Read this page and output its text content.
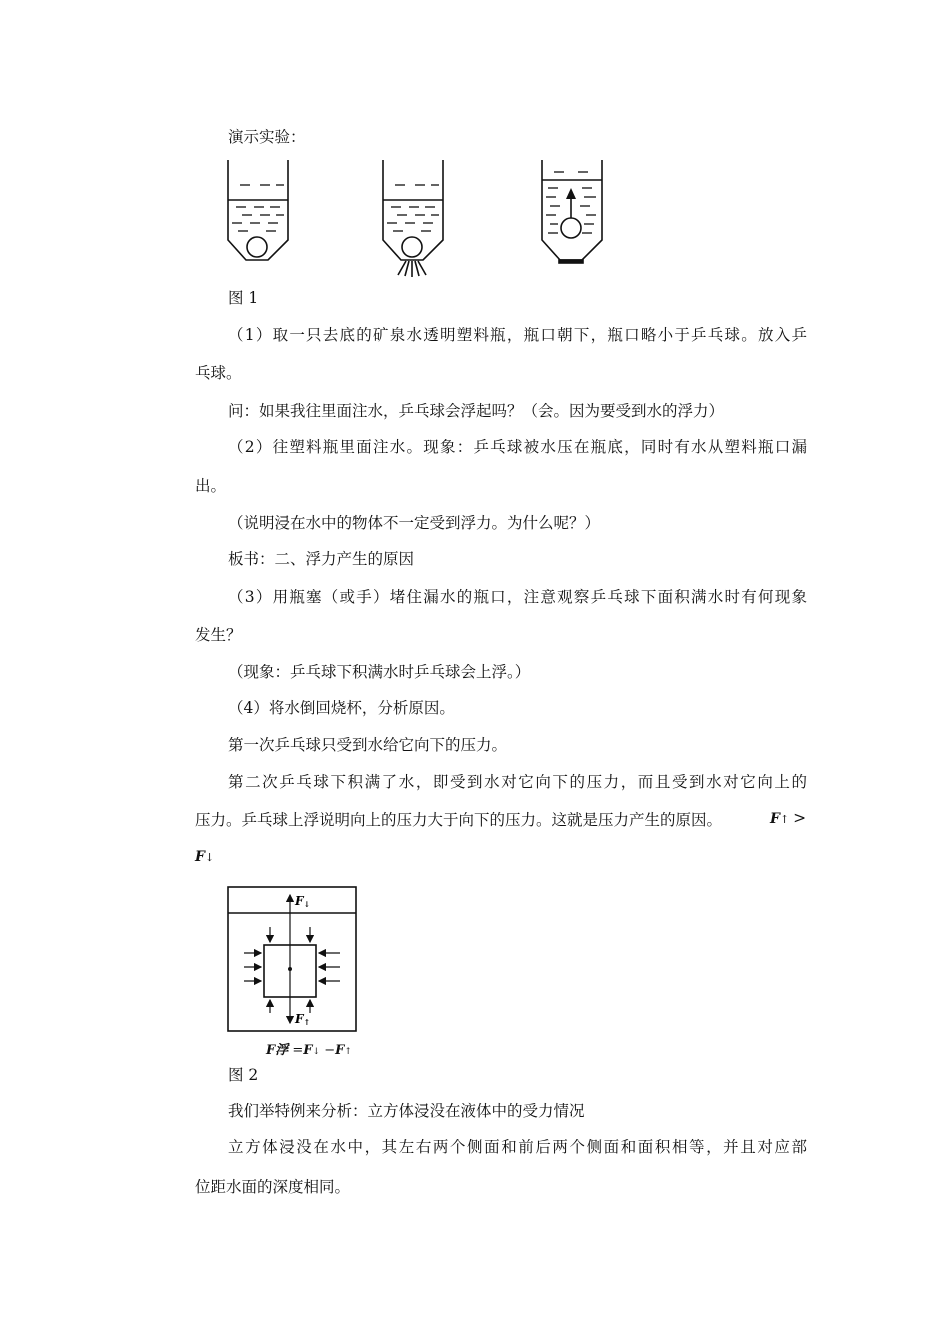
演示实验：
图 1
（1）取一只去底的矿泉水透明塑料瓶，瓶口朝下，瓶口略小于乒乓球。放入乒
乓球。
问：如果我往里面注水，乒乓球会浮起吗？（会。因为要受到水的浮力）
（2）往塑料瓶里面注水。现象：乒乓球被水压在瓶底，同时有水从塑料瓶口漏
出。
（说明浸在水中的物体不一定受到浮力。为什么呢？）
板书：二、浮力产生的原因
（3）用瓶塞（或手）堵住漏水的瓶口，注意观察乒乓球下面积满水时有何现象
发生？
（现象：乒乓球下积满水时乒乓球会上浮。）
（4）将水倒回烧杯，分析原因。
第一次乒乓球只受到水给它向下的压力。
第二次乒乓球下积满了水，即受到水对它向下的压力，而且受到水对它向上的
压力。乒乓球上浮说明向上的压力大于向下的压力。这就是压力产生的原因。	F↑ >
F↓
F↓
F↑
F浮 =F↓ −F↑
图 2
我们举特例来分析：立方体浸没在液体中的受力情况
立方体浸没在水中，其左右两个侧面和前后两个侧面和面积相等，并且对应部
位距水面的深度相同。
